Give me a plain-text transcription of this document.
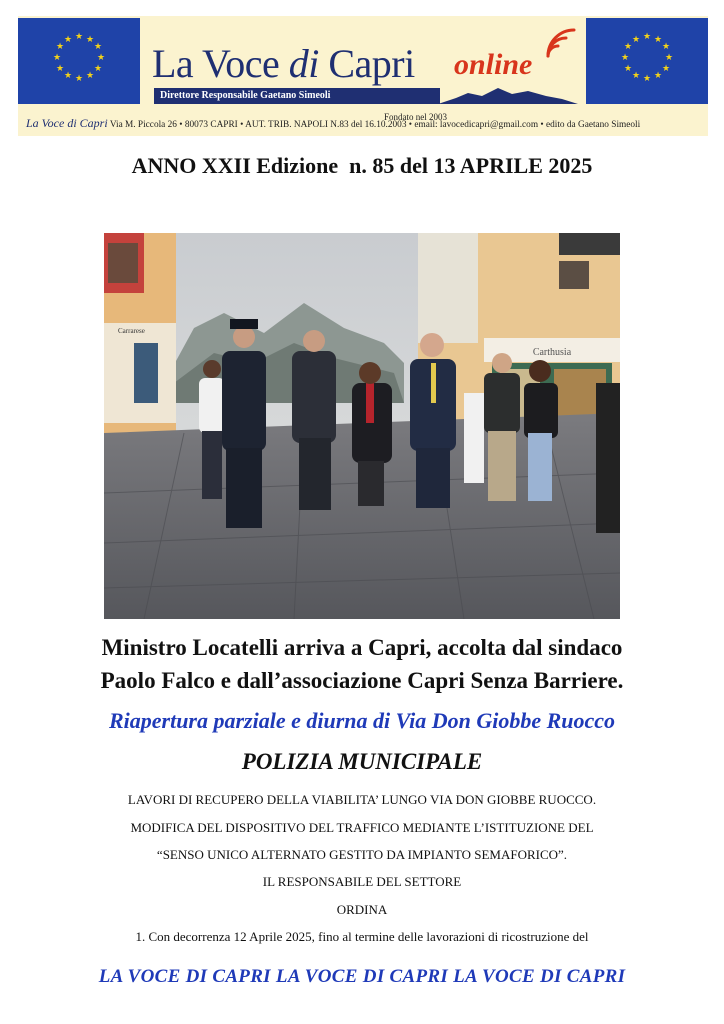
★ ★
★
★
★
★
★
★
★
★
★
★
La Voce di Capri online
Direttore Responsabile Gaetano Simeoli
Fondato nel 2003
★ ★
★
★
★
★
★
★
★
★
★
★
La Voce di Capri Via M. Piccola 26 • 80073 CAPRI • AUT. TRIB. NAPOLI N.83 del 16.10.2003 • email: lavocedicapri@gmail.com • edito da Gaetano Simeoli
ANNO XXII Edizione  n. 85 del 13 APRILE 2025
Carthusia
Carrarese
Ministro Locatelli arriva a Capri, accolta dal sindaco
Paolo Falco e dall’associazione Capri Senza Barriere.
Riapertura parziale e diurna di Via Don Giobbe Ruocco
POLIZIA MUNICIPALE
LAVORI DI RECUPERO DELLA VIABILITA’ LUNGO VIA DON GIOBBE RUOCCO.
MODIFICA DEL DISPOSITIVO DEL TRAFFICO MEDIANTE L’ISTITUZIONE DEL
“SENSO UNICO ALTERNATO GESTITO DA IMPIANTO SEMAFORICO”.
IL RESPONSABILE DEL SETTORE
ORDINA
1. Con decorrenza 12 Aprile 2025, fino al termine delle lavorazioni di ricostruzione del
LA VOCE DI CAPRI LA VOCE DI CAPRI LA VOCE DI CAPRI
